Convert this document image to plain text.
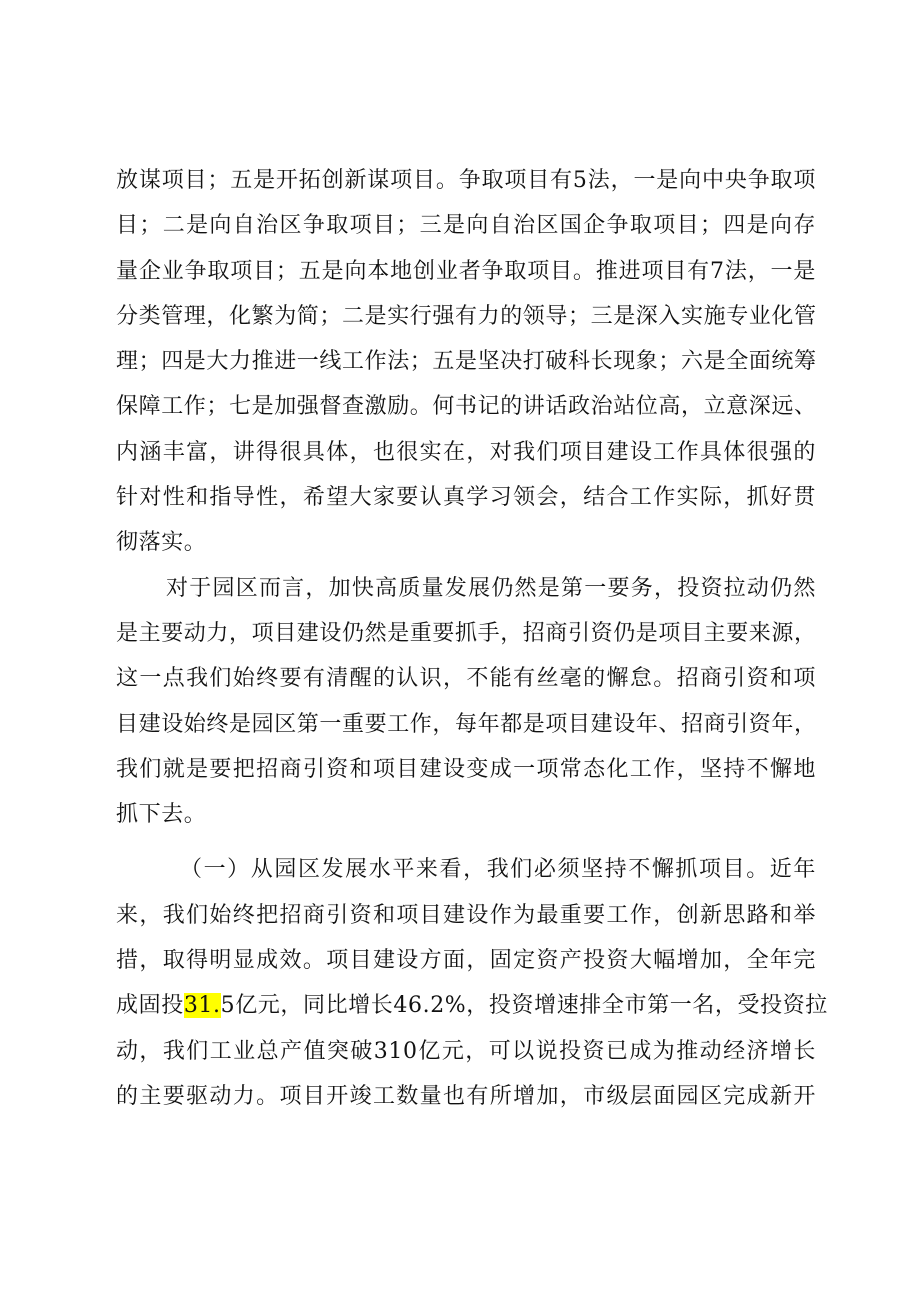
放谋项目；五是开拓创新谋项目。争取项目有5法，一是向中央争取项
目；二是向自治区争取项目；三是向自治区国企争取项目；四是向存
量企业争取项目；五是向本地创业者争取项目。推进项目有7法，一是
分类管理，化繁为简；二是实行强有力的领导；三是深入实施专业化管
理；四是大力推进一线工作法；五是坚决打破科长现象；六是全面统筹
保障工作；七是加强督查激励。何书记的讲话政治站位高，立意深远、
内涵丰富，讲得很具体，也很实在，对我们项目建设工作具体很强的
针对性和指导性，希望大家要认真学习领会，结合工作实际，抓好贯
彻落实。
对于园区而言，加快高质量发展仍然是第一要务，投资拉动仍然
是主要动力，项目建设仍然是重要抓手，招商引资仍是项目主要来源，
这一点我们始终要有清醒的认识，不能有丝毫的懈怠。招商引资和项
目建设始终是园区第一重要工作，每年都是项目建设年、招商引资年，
我们就是要把招商引资和项目建设变成一项常态化工作，坚持不懈地
抓下去。
（一）从园区发展水平来看，我们必须坚持不懈抓项目。近年
来，我们始终把招商引资和项目建设作为最重要工作，创新思路和举
措，取得明显成效。项目建设方面，固定资产投资大幅增加，全年完
成固投31.5亿元，同比增长46.2%，投资增速排全市第一名，受投资拉
动，我们工业总产值突破310亿元，可以说投资已成为推动经济增长
的主要驱动力。项目开竣工数量也有所增加，市级层面园区完成新开
